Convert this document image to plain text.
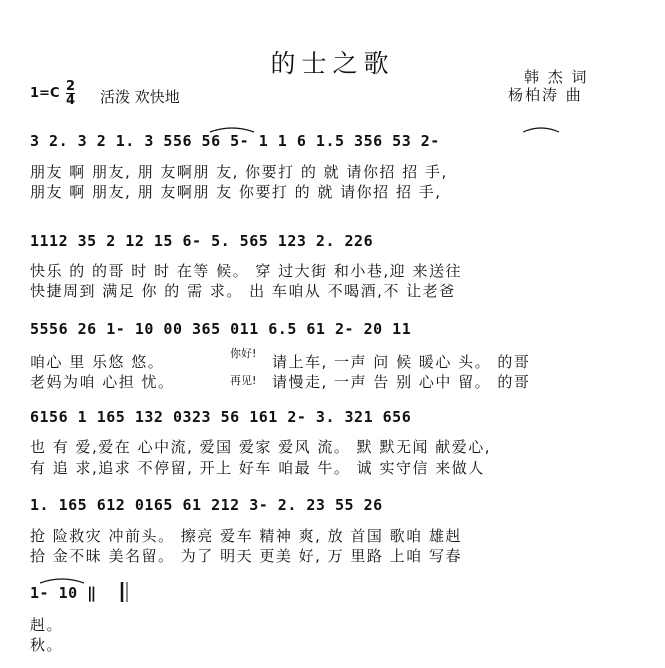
的士之歌
$1=C \frac{2}{4}$ 活泼 欢快地
韩 杰 词
杨柏涛 曲
3 2. 3 2 1. 3 556 56 5- 1 1 6 1.5 356 53 2-
朋友 啊 朋友, 朋 友啊朋 友, 你要打 的 就 请你招 招 手,
朋友 啊 朋友, 朋 友啊朋 友 你要打 的 就 请你招 招 手,
1112 35 2 12 15 6- 5. 565 123 2. 226
快乐 的 的哥 时 时 在等 候。 穿 过大街 和小巷,迎 来送往
快捷周到 满足 你 的 需 求。 出 车咱从 不喝酒,不 让老爸
5556 26 1- 10 00 365 011 6.5 61 2- 20 11
咱心 里 乐悠 悠。
老妈为咱 心担 忧。
你好!
再见!
请上车, 一声 问 候 暖心 头。 的哥
请慢走, 一声 告 别 心中 留。 的哥
6156 1 165 132 0323 56 161 2- 3. 321 656
也 有 爱,爱在 心中流, 爱国 爱家 爱风 流。 默 默无闻 献爱心,
有 追 求,追求 不停留, 开上 好车 咱最 牛。 诚 实守信 来做人
1. 165 612 0165 61 212 3- 2. 23 55 26
抢 险救灾 冲前头。 擦亮 爱车 精神 爽, 放 首国 歌咱 雄赳
拾 金不昧 美名留。 为了 明天 更美 好, 万 里路 上咱 写春
1- 10 ‖
赳。
秋。
